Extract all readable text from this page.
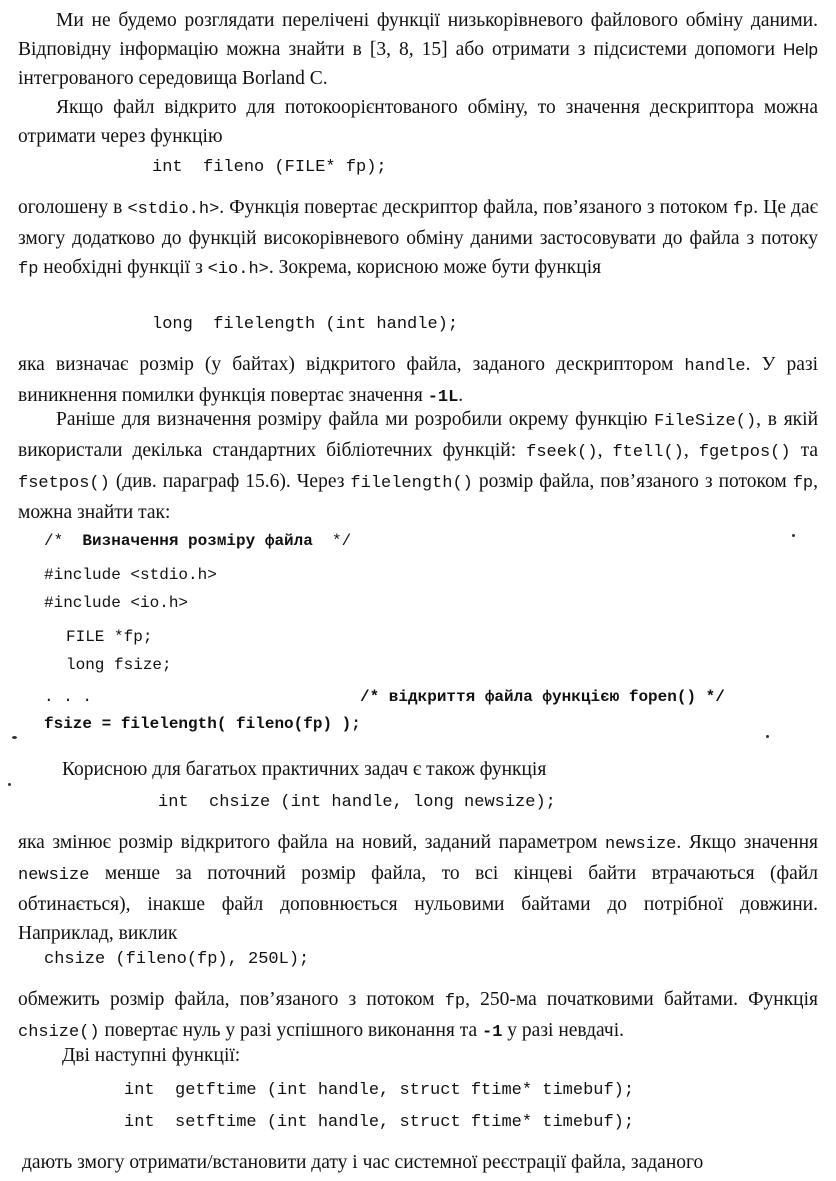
Ми не будемо розглядати перелічені функції низькорівневого файлового обміну даними. Відповідну інформацію можна знайти в [3, 8, 15] або отримати з підсистеми допомоги Help інтегрованого середовища Borland C.

Якщо файл відкрито для потокоорієнтованого обміну, то значення дескриптора можна отримати через функцію

int  fileno (FILE* fp);

оголошену в <stdio.h>. Функція повертає дескриптор файла, пов’язаного з потоком fp. Це дає змогу додатково до функцій високорівневого обміну даними застосовувати до файла з потоку fp необхідні функції з <io.h>. Зокрема, корисною може бути функція

long  filelength (int handle);

яка визначає розмір (у байтах) відкритого файла, заданого дескриптором handle. У разі виникнення помилки функція повертає значення -1L.

Раніше для визначення розміру файла ми розробили окрему функцію FileSize(), в якій використали декілька стандартних бібліотечних функцій: fseek(), ftell(), fgetpos() та fsetpos() (див. параграф 15.6). Через filelength() розмір файла, пов’язаного з потоком fp, можна знайти так:

/*  Визначення розміру файла  */
#include <stdio.h>
#include <io.h>
FILE *fp;
long fsize;
. . .	/* відкриття файла функцією fopen() */
fsize = filelength( fileno(fp) );

Корисною для багатьох практичних задач є також функція

int  chsize (int handle, long newsize);

яка змінює розмір відкритого файла на новий, заданий параметром newsize. Якщо значення newsize менше за поточний розмір файла, то всі кінцеві байти втрачаються (файл обтинається), інакше файл доповнюється нульовими байтами до потрібної довжини. Наприклад, виклик

chsize (fileno(fp), 250L);

обмежить розмір файла, пов’язаного з потоком fp, 250-ма початковими байтами. Функція chsize() повертає нуль у разі успішного виконання та -1 у разі невдачі.

Дві наступні функції:

int  getftime (int handle, struct ftime* timebuf);
int  setftime (int handle, struct ftime* timebuf);

дають змогу отримати/встановити дату і час системної реєстрації файла, заданого
